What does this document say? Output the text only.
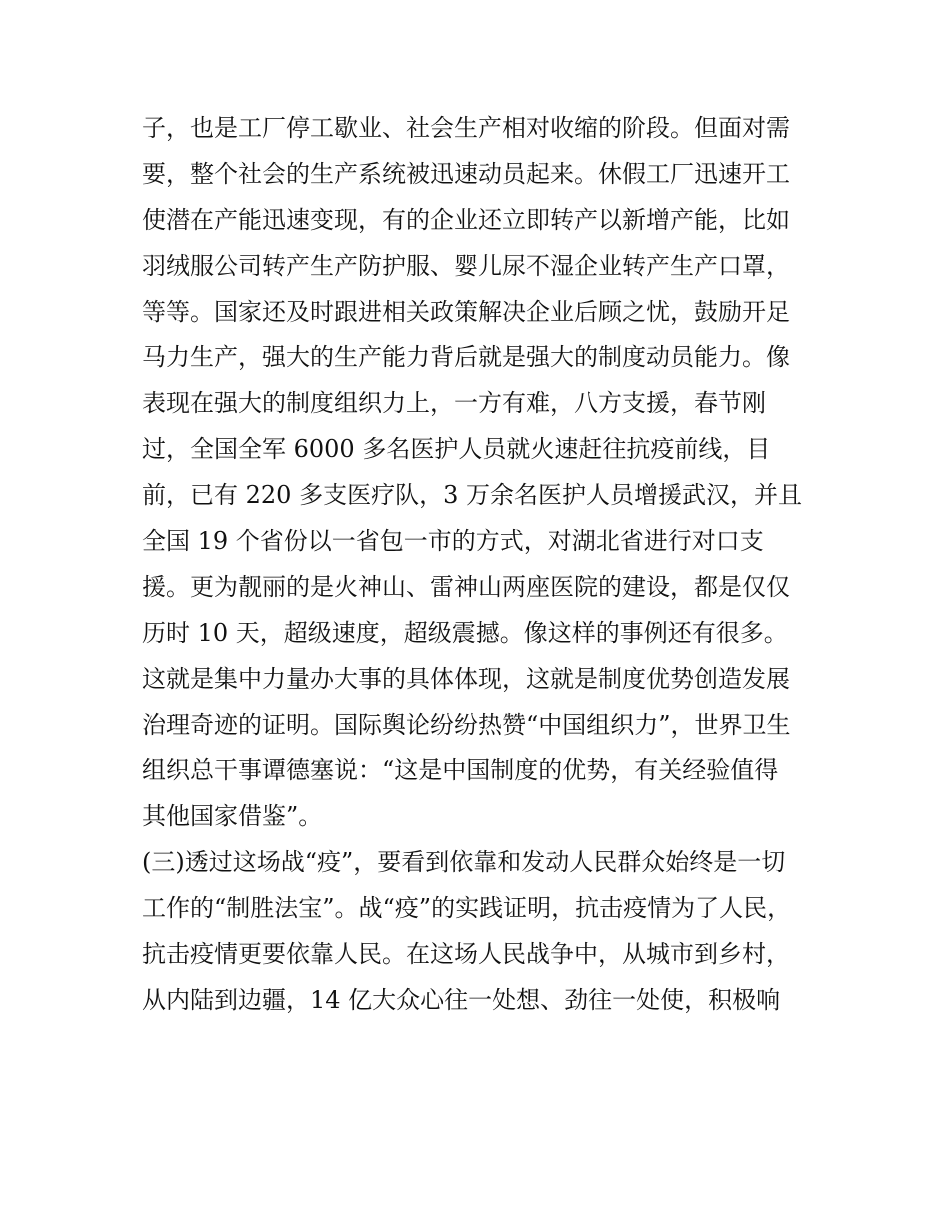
子，也是工厂停工歇业、社会生产相对收缩的阶段。但面对需
要，整个社会的生产系统被迅速动员起来。休假工厂迅速开工
使潜在产能迅速变现，有的企业还立即转产以新增产能，比如
羽绒服公司转产生产防护服、婴儿尿不湿企业转产生产口罩，
等等。国家还及时跟进相关政策解决企业后顾之忧，鼓励开足
马力生产，强大的生产能力背后就是强大的制度动员能力。像
表现在强大的制度组织力上，一方有难，八方支援，春节刚
过，全国全军 6000 多名医护人员就火速赶往抗疫前线，目
前，已有 220 多支医疗队，3 万余名医护人员增援武汉，并且
全国 19 个省份以一省包一市的方式，对湖北省进行对口支
援。更为靓丽的是火神山、雷神山两座医院的建设，都是仅仅
历时 10 天，超级速度，超级震撼。像这样的事例还有很多。
这就是集中力量办大事的具体体现，这就是制度优势创造发展
治理奇迹的证明。国际舆论纷纷热赞“中国组织力”，世界卫生
组织总干事谭德塞说：“这是中国制度的优势，有关经验值得
其他国家借鉴”。
(三)透过这场战“疫”，要看到依靠和发动人民群众始终是一切
工作的“制胜法宝”。战“疫”的实践证明，抗击疫情为了人民，
抗击疫情更要依靠人民。在这场人民战争中，从城市到乡村，
从内陆到边疆，14 亿大众心往一处想、劲往一处使，积极响
